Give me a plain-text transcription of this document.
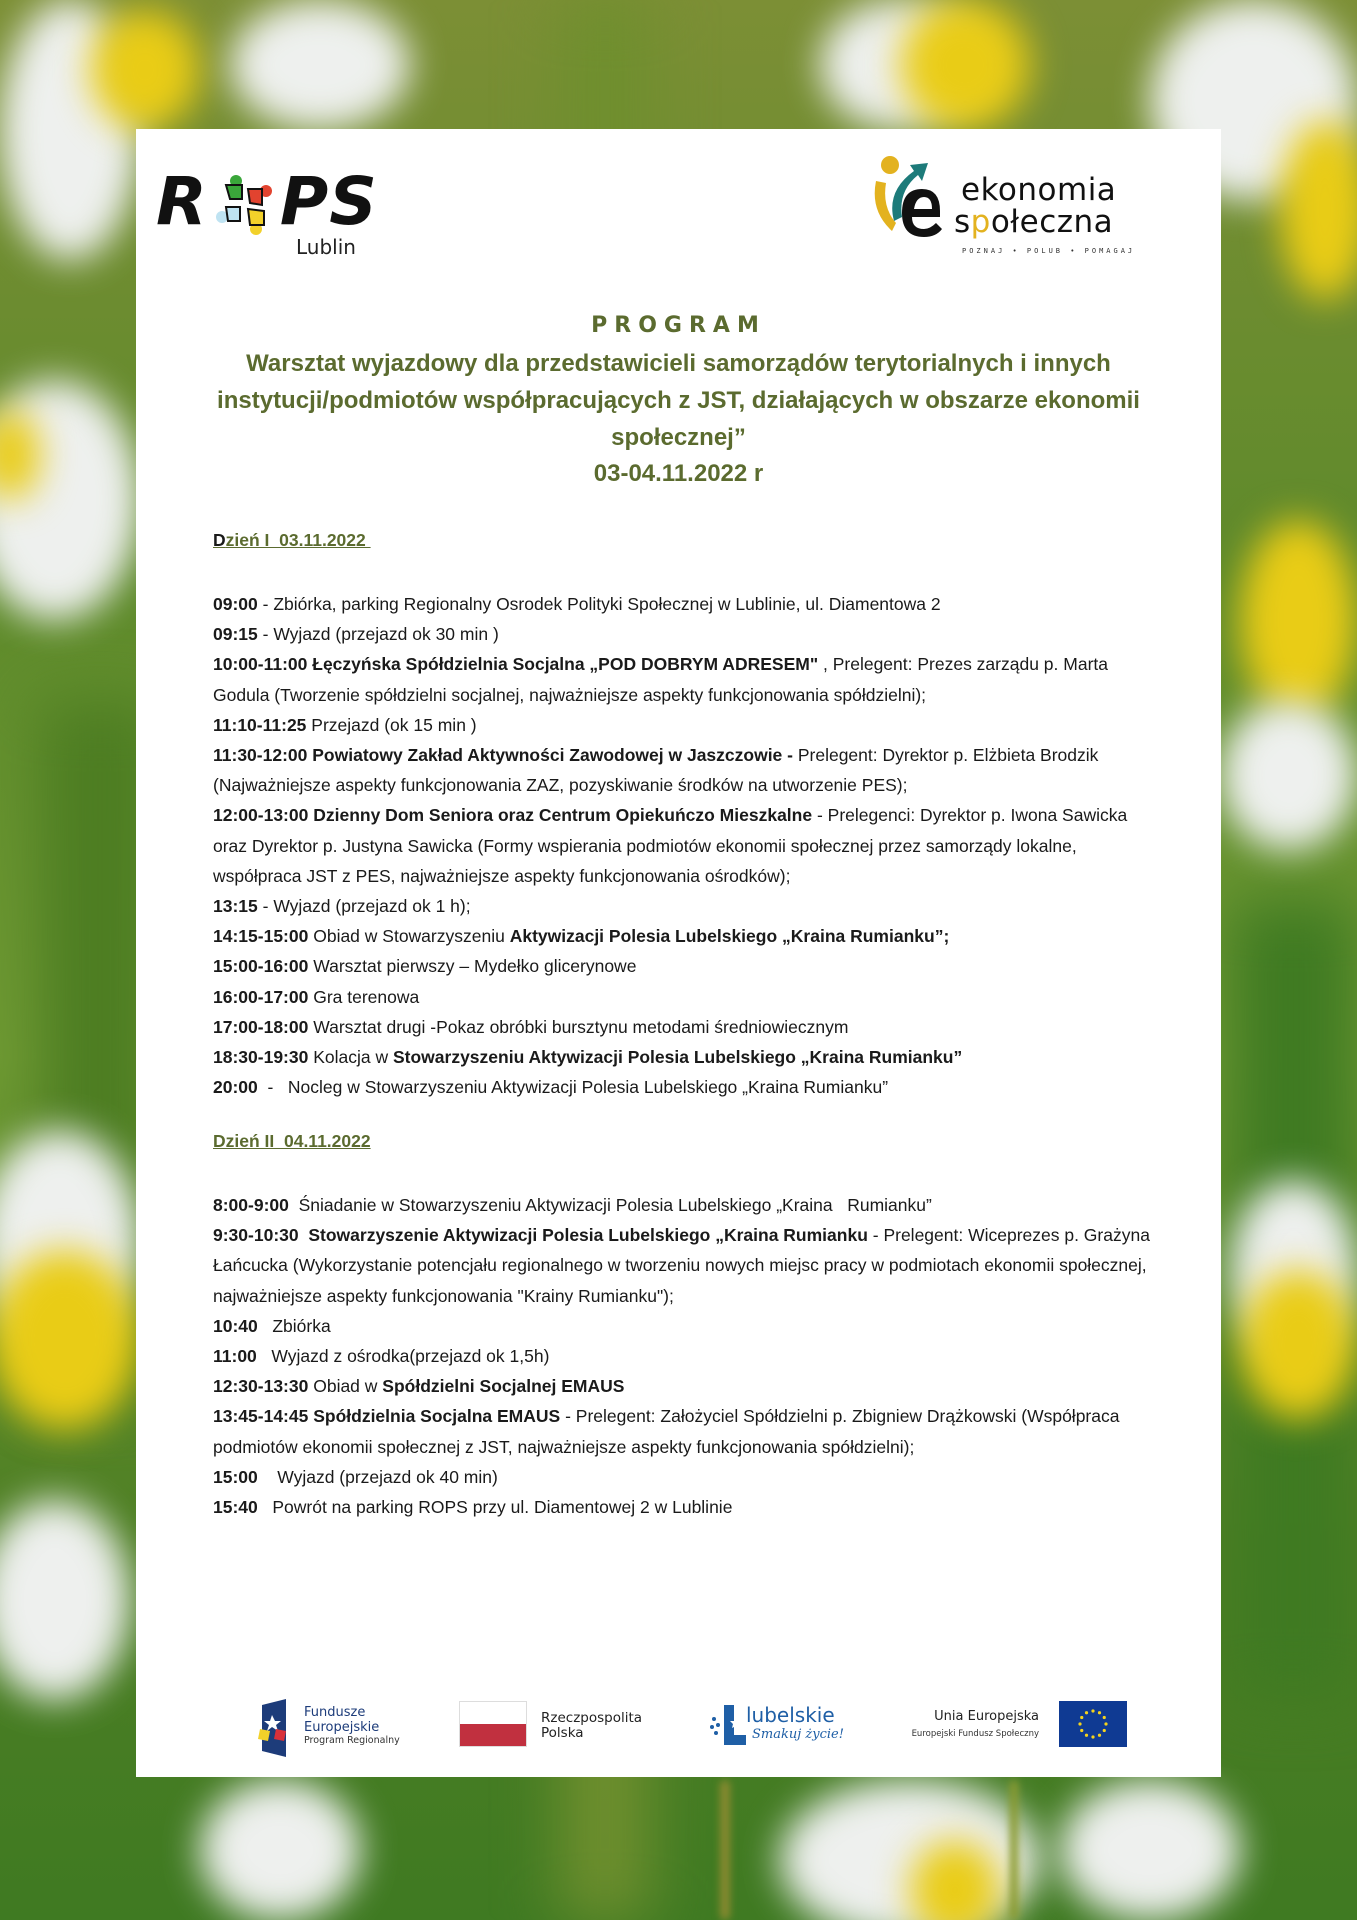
R PS
Lublin
ekonomia
społeczna
POZNAJ • POLUB • POMAGAJ
PROGRAM
Warsztat wyjazdowy dla przedstawicieli samorządów terytorialnych i innych instytucji/podmiotów współpracujących z JST, działających w obszarze ekonomii społecznej”
03-04.11.2022 r
Dzień I  03.11.2022

09:00 - Zbiórka, parking Regionalny Osrodek Polityki Społecznej w Lublinie, ul. Diamentowa 2

09:15 - Wyjazd (przejazd ok 30 min )

10:00-11:00 Łęczyńska Spółdzielnia Socjalna „POD DOBRYM ADRESEM" , Prelegent: Prezes zarządu p. Marta Godula (Tworzenie spółdzielni socjalnej, najważniejsze aspekty funkcjonowania spółdzielni);

11:10-11:25 Przejazd (ok 15 min )

11:30-12:00 Powiatowy Zakład Aktywności Zawodowej w Jaszczowie - Prelegent: Dyrektor p. Elżbieta Brodzik (Najważniejsze aspekty funkcjonowania ZAZ, pozyskiwanie środków na utworzenie PES);

12:00-13:00 Dzienny Dom Seniora oraz Centrum Opiekuńczo Mieszkalne - Prelegenci: Dyrektor p. Iwona Sawicka oraz Dyrektor p. Justyna Sawicka (Formy wspierania podmiotów ekonomii społecznej przez samorządy lokalne, współpraca JST z PES, najważniejsze aspekty funkcjonowania ośrodków);

13:15 - Wyjazd (przejazd ok 1 h);

14:15-15:00 Obiad w Stowarzyszeniu Aktywizacji Polesia Lubelskiego „Kraina Rumianku”;

15:00-16:00 Warsztat pierwszy – Mydełko glicerynowe

16:00-17:00 Gra terenowa

17:00-18:00 Warsztat drugi -Pokaz obróbki bursztynu metodami średniowiecznym

18:30-19:30 Kolacja w Stowarzyszeniu Aktywizacji Polesia Lubelskiego „Kraina Rumianku”

20:00  -   Nocleg w Stowarzyszeniu Aktywizacji Polesia Lubelskiego „Kraina Rumianku”

Dzień II  04.11.2022

8:00-9:00  Śniadanie w Stowarzyszeniu Aktywizacji Polesia Lubelskiego „Kraina   Rumianku”

9:30-10:30  Stowarzyszenie Aktywizacji Polesia Lubelskiego „Kraina Rumianku - Prelegent: Wiceprezes p. Grażyna Łańcucka (Wykorzystanie potencjału regionalnego w tworzeniu nowych miejsc pracy w podmiotach ekonomii społecznej, najważniejsze aspekty funkcjonowania "Krainy Rumianku");

10:40   Zbiórka

11:00   Wyjazd z ośrodka(przejazd ok 1,5h)

12:30-13:30 Obiad w Spółdzielni Socjalnej EMAUS

13:45-14:45 Spółdzielnia Socjalna EMAUS - Prelegent: Założyciel Spółdzielni p. Zbigniew Drążkowski (Współpraca podmiotów ekonomii społecznej z JST, najważniejsze aspekty funkcjonowania spółdzielni);

15:00    Wyjazd (przejazd ok 40 min)

15:40   Powrót na parking ROPS przy ul. Diamentowej 2 w Lublinie

Fundusze
Europejskie
Program Regionalny
Rzeczpospolita
Polska
lubelskie
Smakuj życie!
Unia Europejska
Europejski Fundusz Społeczny
